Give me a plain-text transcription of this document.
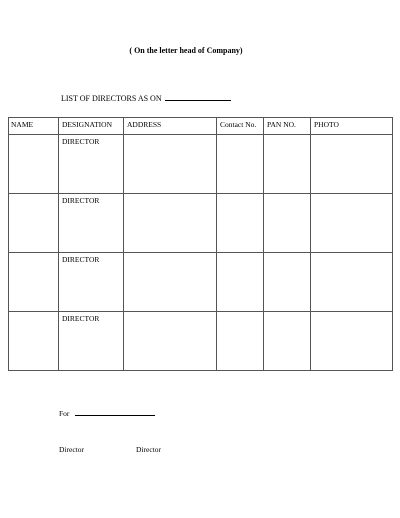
( On the letter head of Company)
LIST OF DIRECTORS AS ON
NAME	DESIGNATION	ADDRESS	Contact No.	PAN NO.	PHOTO
	DIRECTOR				
	DIRECTOR				
	DIRECTOR				
	DIRECTOR				
For
Director	Director
